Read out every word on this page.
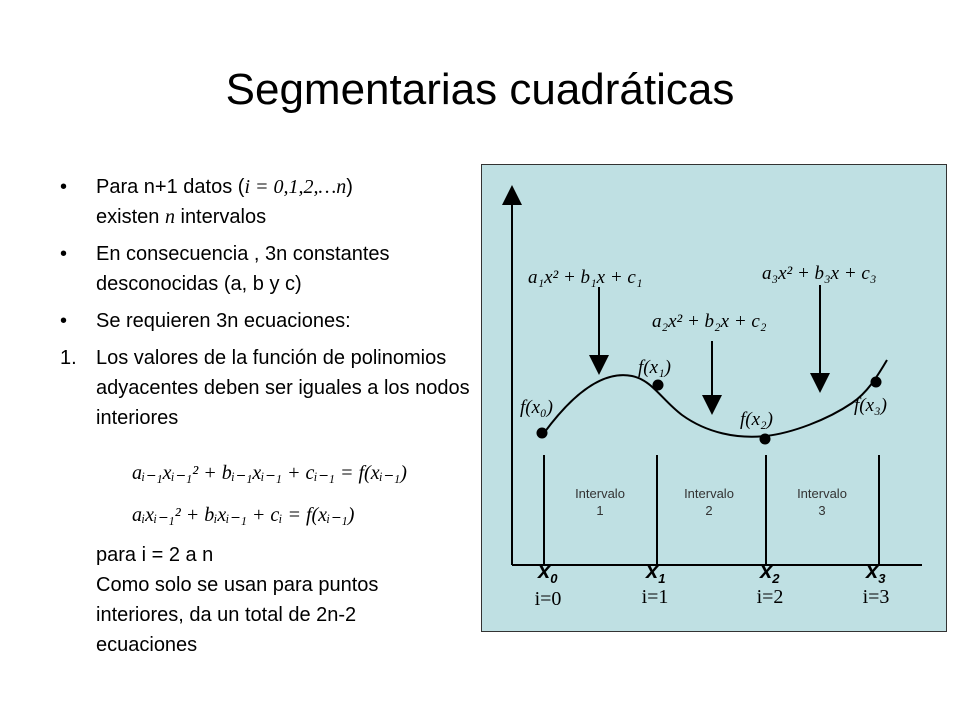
Segmentarias cuadráticas
• Para n+1 datos (i = 0,1,2,…n)
existen n intervalos
• En consecuencia , 3n constantes desconocidas (a, b y c)
• Se requieren 3n ecuaciones:
1. Los valores de la función de polinomios adyacentes deben ser iguales a los nodos interiores
aᵢ₋₁xᵢ₋₁² + bᵢ₋₁xᵢ₋₁ + cᵢ₋₁ = f(xᵢ₋₁)
aᵢxᵢ₋₁² + bᵢxᵢ₋₁ + cᵢ = f(xᵢ₋₁)
para i = 2 a n
Como solo se usan para puntos
interiores, da un total de 2n-2
ecuaciones
a₁x² + b₁x + c₁
a₂x² + b₂x + c₂
a₃x² + b₃x + c₃
f(x₀)
f(x₁)
f(x₂)
f(x₃)
Intervalo
1
Intervalo
2
Intervalo
3
$x_0$
i=0
$x_1$
i=1
$x_2$
i=2
$x_3$
i=3
